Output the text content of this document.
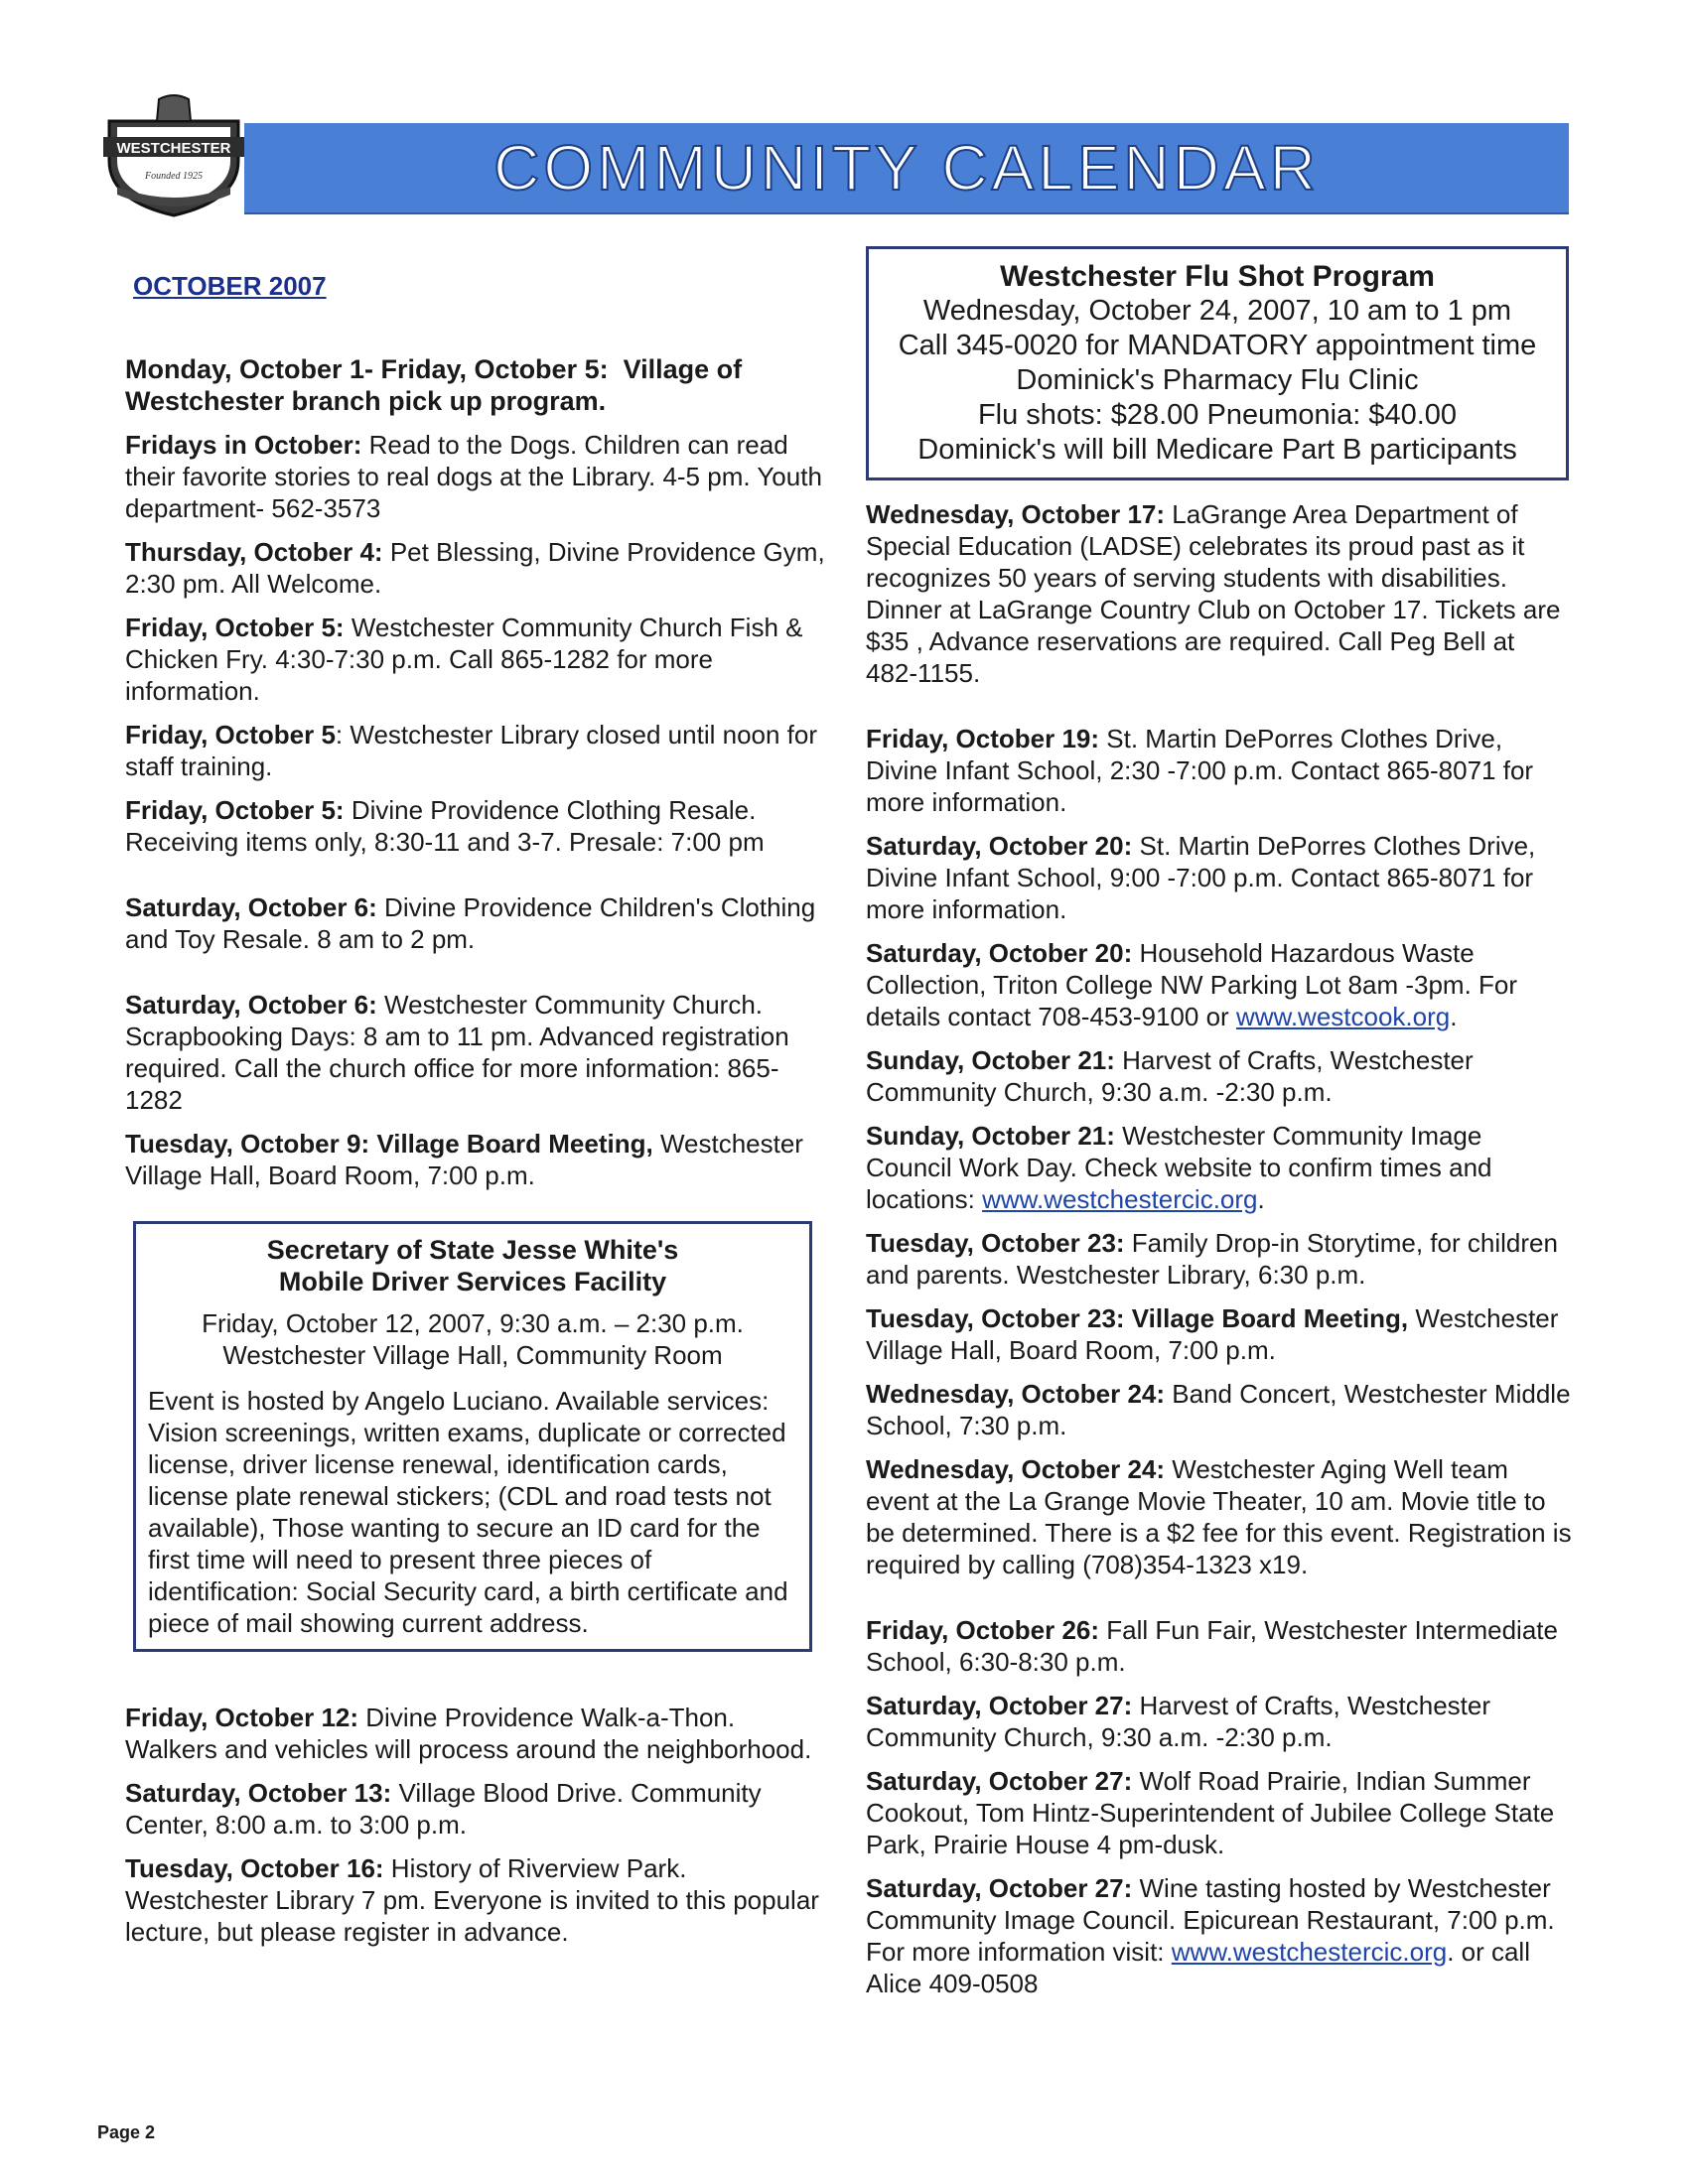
WESTCHESTER
Founded 1925	COMMUNITY CALENDAR
OCTOBER 2007
Monday, October 1- Friday, October 5: Village of Westchester branch pick up program.
Fridays in October: Read to the Dogs. Children can read their favorite stories to real dogs at the Library. 4-5 pm. Youth department- 562-3573
Thursday, October 4: Pet Blessing, Divine Providence Gym, 2:30 pm. All Welcome.
Friday, October 5: Westchester Community Church Fish & Chicken Fry. 4:30-7:30 p.m. Call 865-1282 for more information.
Friday, October 5: Westchester Library closed until noon for staff training.
Friday, October 5: Divine Providence Clothing Resale. Receiving items only, 8:30-11 and 3-7. Presale: 7:00 pm
Saturday, October 6: Divine Providence Children's Clothing and Toy Resale. 8 am to 2 pm.
Saturday, October 6: Westchester Community Church. Scrapbooking Days: 8 am to 11 pm. Advanced registration required. Call the church office for more information: 865-1282
Tuesday, October 9: Village Board Meeting, Westchester Village Hall, Board Room, 7:00 p.m.
Secretary of State Jesse White's
Mobile Driver Services Facility
Friday, October 12, 2007, 9:30 a.m. – 2:30 p.m.
Westchester Village Hall, Community Room
Event is hosted by Angelo Luciano. Available services: Vision screenings, written exams, duplicate or corrected license, driver license renewal, identification cards, license plate renewal stickers; (CDL and road tests not available), Those wanting to secure an ID card for the first time will need to present three pieces of identification: Social Security card, a birth certificate and piece of mail showing current address.
Friday, October 12: Divine Providence Walk-a-Thon. Walkers and vehicles will process around the neighborhood.
Saturday, October 13: Village Blood Drive. Community Center, 8:00 a.m. to 3:00 p.m.
Tuesday, October 16: History of Riverview Park. Westchester Library 7 pm. Everyone is invited to this popular lecture, but please register in advance.
Westchester Flu Shot Program
Wednesday, October 24, 2007, 10 am to 1 pm
Call 345-0020 for MANDATORY appointment time
Dominick's Pharmacy Flu Clinic
Flu shots: $28.00 Pneumonia: $40.00
Dominick's will bill Medicare Part B participants
Wednesday, October 17: LaGrange Area Department of Special Education (LADSE) celebrates its proud past as it recognizes 50 years of serving students with disabilities. Dinner at LaGrange Country Club on October 17. Tickets are $35 , Advance reservations are required. Call Peg Bell at 482-1155.
Friday, October 19: St. Martin DePorres Clothes Drive, Divine Infant School, 2:30 -7:00 p.m. Contact 865-8071 for more information.
Saturday, October 20: St. Martin DePorres Clothes Drive, Divine Infant School, 9:00 -7:00 p.m. Contact 865-8071 for more information.
Saturday, October 20: Household Hazardous Waste Collection, Triton College NW Parking Lot 8am -3pm. For details contact 708-453-9100 or www.westcook.org.
Sunday, October 21: Harvest of Crafts, Westchester Community Church, 9:30 a.m. -2:30 p.m.
Sunday, October 21: Westchester Community Image Council Work Day. Check website to confirm times and locations: www.westchestercic.org.
Tuesday, October 23: Family Drop-in Storytime, for children and parents. Westchester Library, 6:30 p.m.
Tuesday, October 23: Village Board Meeting, Westchester Village Hall, Board Room, 7:00 p.m.
Wednesday, October 24: Band Concert, Westchester Middle School, 7:30 p.m.
Wednesday, October 24: Westchester Aging Well team event at the La Grange Movie Theater, 10 am. Movie title to be determined. There is a $2 fee for this event. Registration is required by calling (708)354-1323 x19.
Friday, October 26: Fall Fun Fair, Westchester Intermediate School, 6:30-8:30 p.m.
Saturday, October 27: Harvest of Crafts, Westchester Community Church, 9:30 a.m. -2:30 p.m.
Saturday, October 27: Wolf Road Prairie, Indian Summer Cookout, Tom Hintz-Superintendent of Jubilee College State Park, Prairie House 4 pm-dusk.
Saturday, October 27: Wine tasting hosted by Westchester Community Image Council. Epicurean Restaurant, 7:00 p.m. For more information visit: www.westchestercic.org. or call Alice 409-0508
Page 2
